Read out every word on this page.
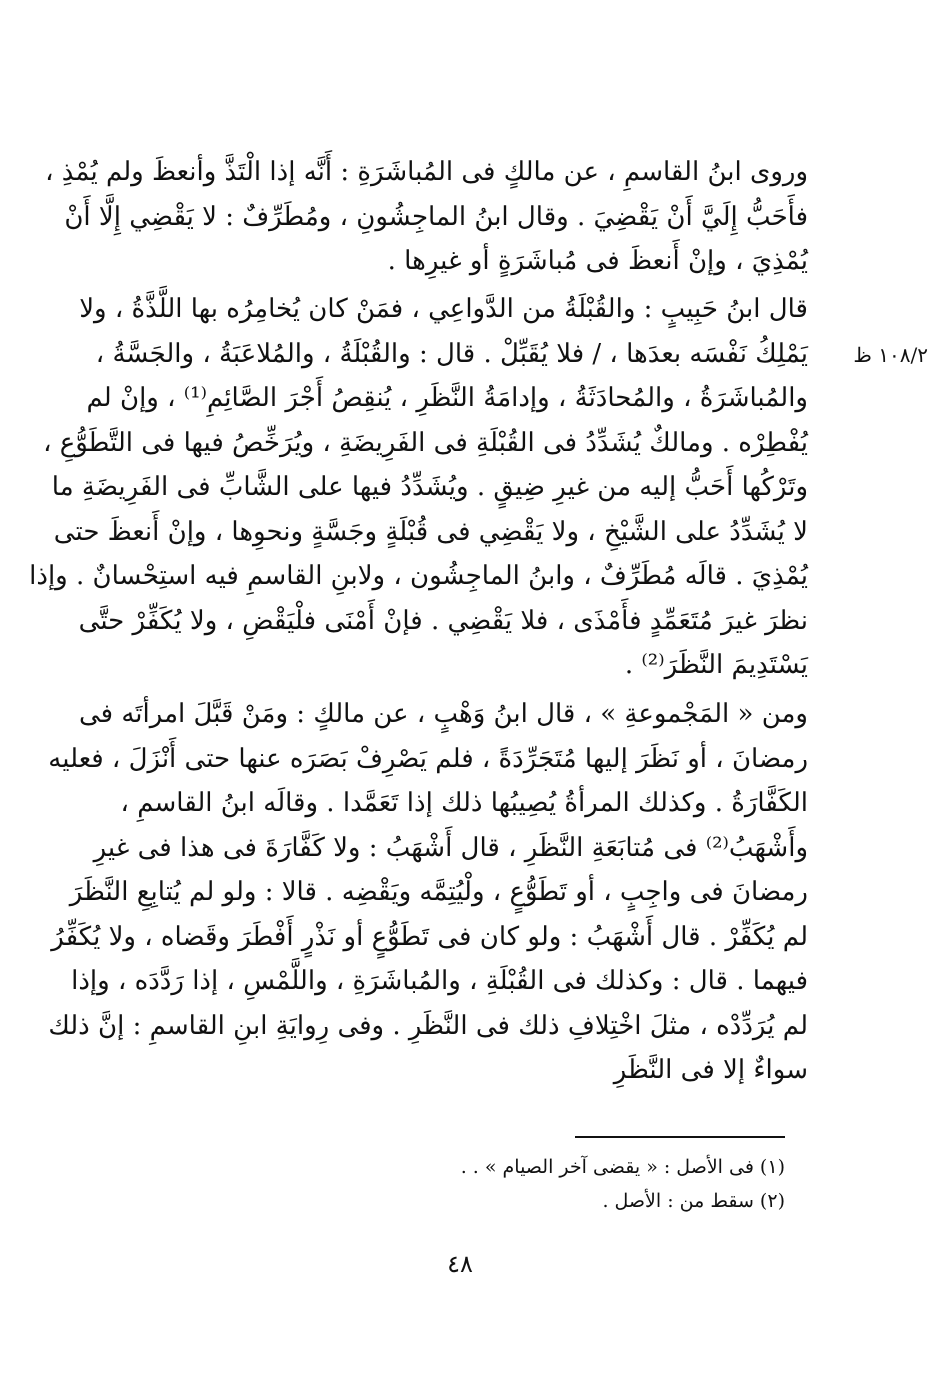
١٠٨/٢ ظ
وروى ابنُ القاسمِ ، عن مالكٍ فى المُباشَرَةِ : أَنَّه إذا الْتَذَّ وأنعظَ ولم يُمْذِ ،
فأَحَبُّ إِلَيَّ أَنْ يَقْضِيَ . وقال ابنُ الماجِشُونِ ، ومُطَرِّفٌ : لا يَقْضِي إِلَّا أَنْ
يُمْذِيَ ، وإنْ أَنعظَ فى مُباشَرَةٍ أو غيرِها .
قال ابنُ حَبِيبٍ : والقُبْلَةُ من الدَّواعِي ، فمَنْ كان يُخامِرُه بها اللَّذَّةُ ، ولا
يَمْلِكُ نَفْسَه بعدَها ، / فلا يُقَبِّلْ . قال : والقُبْلَةُ ، والمُلاعَبَةُ ، والجَسَّةُ ،
والمُباشَرَةُ ، والمُحادَثَةُ ، وإدامَةُ النَّظَرِ ، يُنقِصُ أَجْرَ الصَّائِمِ⁽¹⁾ ، وإنْ لم
يُفْطِرْه . ومالكٌ يُشَدِّدُ فى القُبْلَةِ فى الفَرِيضَةِ ، ويُرَخِّصُ فيها فى التَّطَوُّعِ ،
وتَرْكُها أَحَبُّ إليه من غيرِ ضِيقٍ . ويُشَدِّدُ فيها على الشَّابِّ فى الفَرِيضَةِ ما
لا يُشَدِّدُ على الشَّيْخِ ، ولا يَقْضِي فى قُبْلَةٍ وجَسَّةٍ ونحوِها ، وإنْ أَنعظَ حتى
يُمْذِيَ . قالَه مُطَرِّفٌ ، وابنُ الماجِشُون ، ولابنِ القاسمِ فيه استِحْسانٌ . وإذا
نظرَ غيرَ مُتَعَمِّدٍ فأَمْذَى ، فلا يَقْضِي . فإنْ أَمْنَى فلْيَقْضِ ، ولا يُكَفِّرْ حتَّى
يَسْتَدِيمَ النَّظَرَ⁽²⁾ .
ومن « المَجْموعةِ » ، قال ابنُ وَهْبٍ ، عن مالكٍ : ومَنْ قَبَّلَ امرأتَه فى
رمضانَ ، أو نَظَرَ إليها مُتَجَرِّدَةً ، فلم يَصْرِفْ بَصَرَه عنها حتى أَنْزَلَ ، فعليه
الكَفَّارَةُ . وكذلك المرأةُ يُصِيبُها ذلك إذا تَعَمَّدا . وقالَه ابنُ القاسمِ ،
وأَشْهَبُ⁽²⁾ فى مُتابَعَةِ النَّظَرِ ، قال أَشْهَبُ : ولا كَفَّارَةَ فى هذا فى غيرِ
رمضانَ فى واجِبٍ ، أو تَطَوُّعٍ ، ولْيُتِمَّه ويَقْضِه . قالا : ولو لم يُتابِعِ النَّظَرَ
لم يُكَفِّرْ . قال أَشْهَبُ : ولو كان فى تَطَوُّعٍ أو نَذْرٍ أَفْطَرَ وقَضاه ، ولا يُكَفِّرُ
فيهما . قال : وكذلك فى القُبْلَةِ ، والمُباشَرَةِ ، واللَّمْسِ ، إذا رَدَّدَه ، وإذا
لم يُرَدِّدْه ، مثلَ اخْتِلافِ ذلك فى النَّظَرِ . وفى رِوايَةِ ابنِ القاسمِ : إنَّ ذلك
سواءٌ إلا فى النَّظَرِ
(١) فى الأصل : « يقضى آخر الصيام » . .
(٢) سقط من : الأصل .
٤٨
